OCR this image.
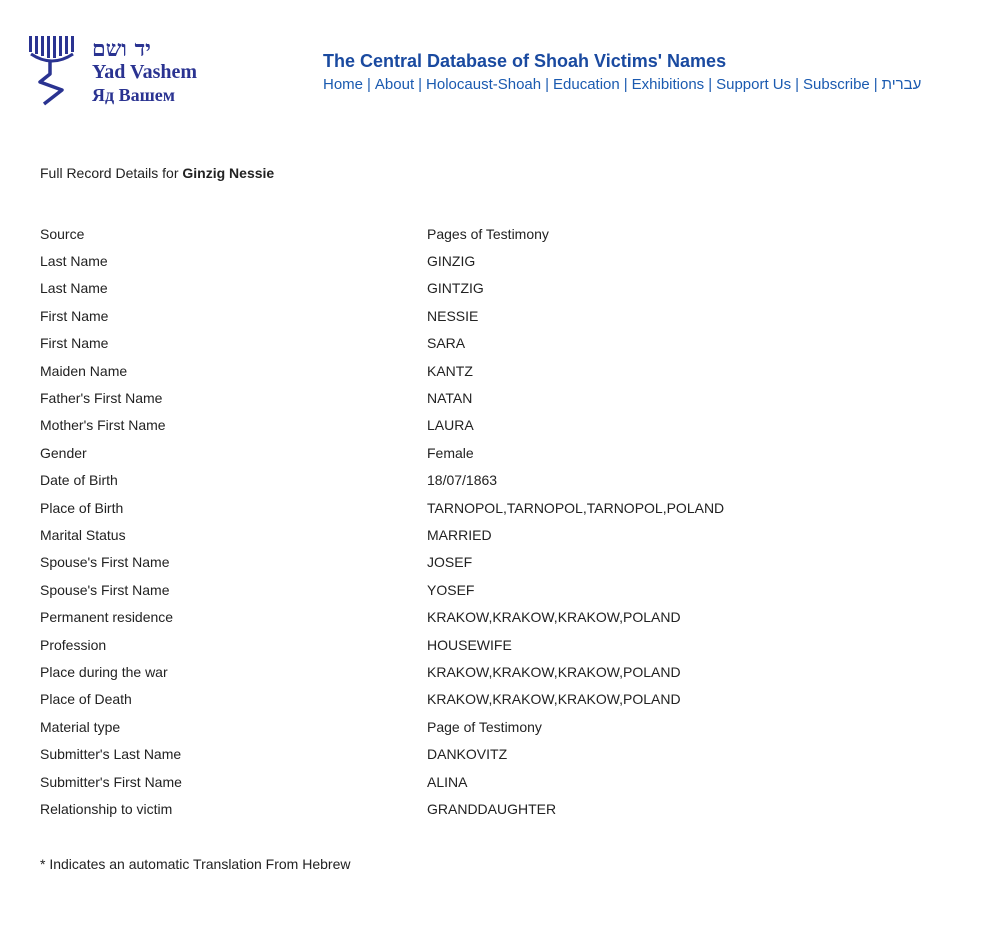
יד ושם
Yad Vashem
Яд Вашем
The Central Database of Shoah Victims' Names
Home | About | Holocaust-Shoah | Education | Exhibitions | Support Us | Subscribe | עברית
Full Record Details for Ginzig Nessie
Source	Pages of Testimony
Last Name	GINZIG
Last Name	GINTZIG
First Name	NESSIE
First Name	SARA
Maiden Name	KANTZ
Father's First Name	NATAN
Mother's First Name	LAURA
Gender	Female
Date of Birth	18/07/1863
Place of Birth	TARNOPOL,TARNOPOL,TARNOPOL,POLAND
Marital Status	MARRIED
Spouse's First Name	JOSEF
Spouse's First Name	YOSEF
Permanent residence	KRAKOW,KRAKOW,KRAKOW,POLAND
Profession	HOUSEWIFE
Place during the war	KRAKOW,KRAKOW,KRAKOW,POLAND
Place of Death	KRAKOW,KRAKOW,KRAKOW,POLAND
Material type	Page of Testimony
Submitter's Last Name	DANKOVITZ
Submitter's First Name	ALINA
Relationship to victim	GRANDDAUGHTER
* Indicates an automatic Translation From Hebrew
